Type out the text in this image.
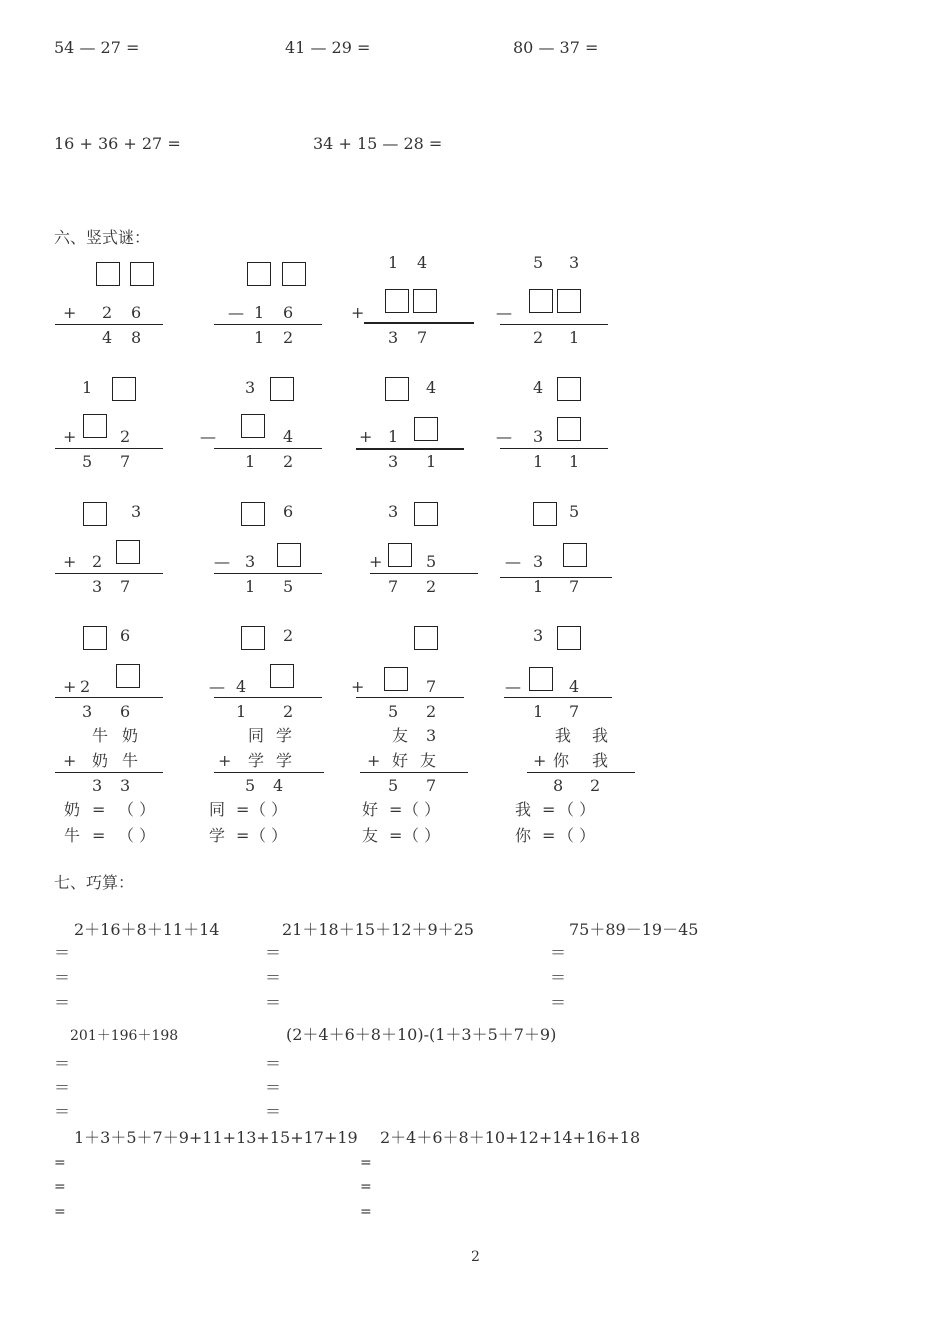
54 — 27 =	41 — 29 =	80 — 37 =
16 + 36 + 27 =	34 + 15 — 28 =
六、竖式谜：
+ 2 6
4 8
— 1 6
1 2
1 4
+
3 7
5 3
—
2 1
1
+	2
5 7
3
—	4
1 2
4
+ 1
3 1
4
— 3
1 1
3
+ 2
3 7
6
— 3
1 5
3
+	5
7 2
5
— 3
1 7
6
+ 2
3 6
2
— 4
1 2
+	7
5 2
3
—	4
1 7
牛 奶
+ 奶 牛
3 3
同 学
+ 学 学
5 4
友 3
+ 好 友
5 7
我 我
+ 你 我
8 2
奶 = （ ）
牛 = （ ）
同 = （ ）
学 = （ ）
好 = （ ）
友 = （ ）
我 = （ ）
你 = （ ）
七、巧算：
2＋16＋8＋11＋14	21＋18＋15＋12＋9＋25	75＋89－19－45
＝
＝
＝
＝
＝
＝
＝
＝
＝
201＋196＋198	(2＋4＋6＋8＋10)-(1＋3＋5＋7＋9)
＝
＝
＝
＝
＝
＝
1＋3＋5＋7＋9+11+13+15+17+19 2＋4＋6＋8＋10+12+14+16+18
=
=
=
=
=
=
2
